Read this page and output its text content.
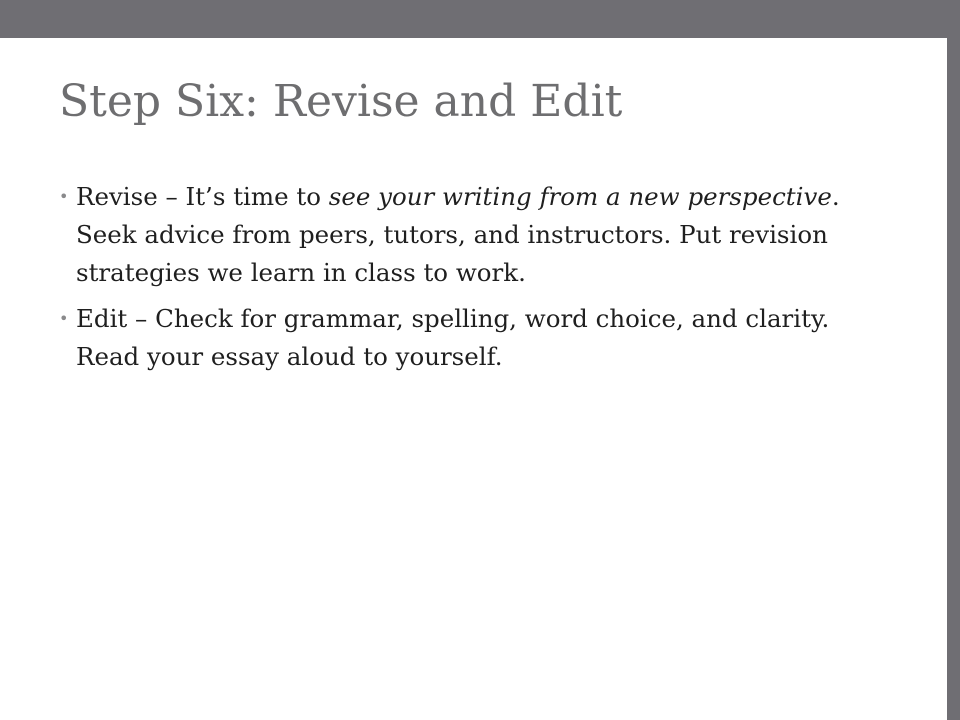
Step Six: Revise and Edit
• Revise – It’s time to see your writing from a new perspective. Seek advice from peers, tutors, and instructors. Put revision strategies we learn in class to work.
• Edit – Check for grammar, spelling, word choice, and clarity. Read your essay aloud to yourself.
